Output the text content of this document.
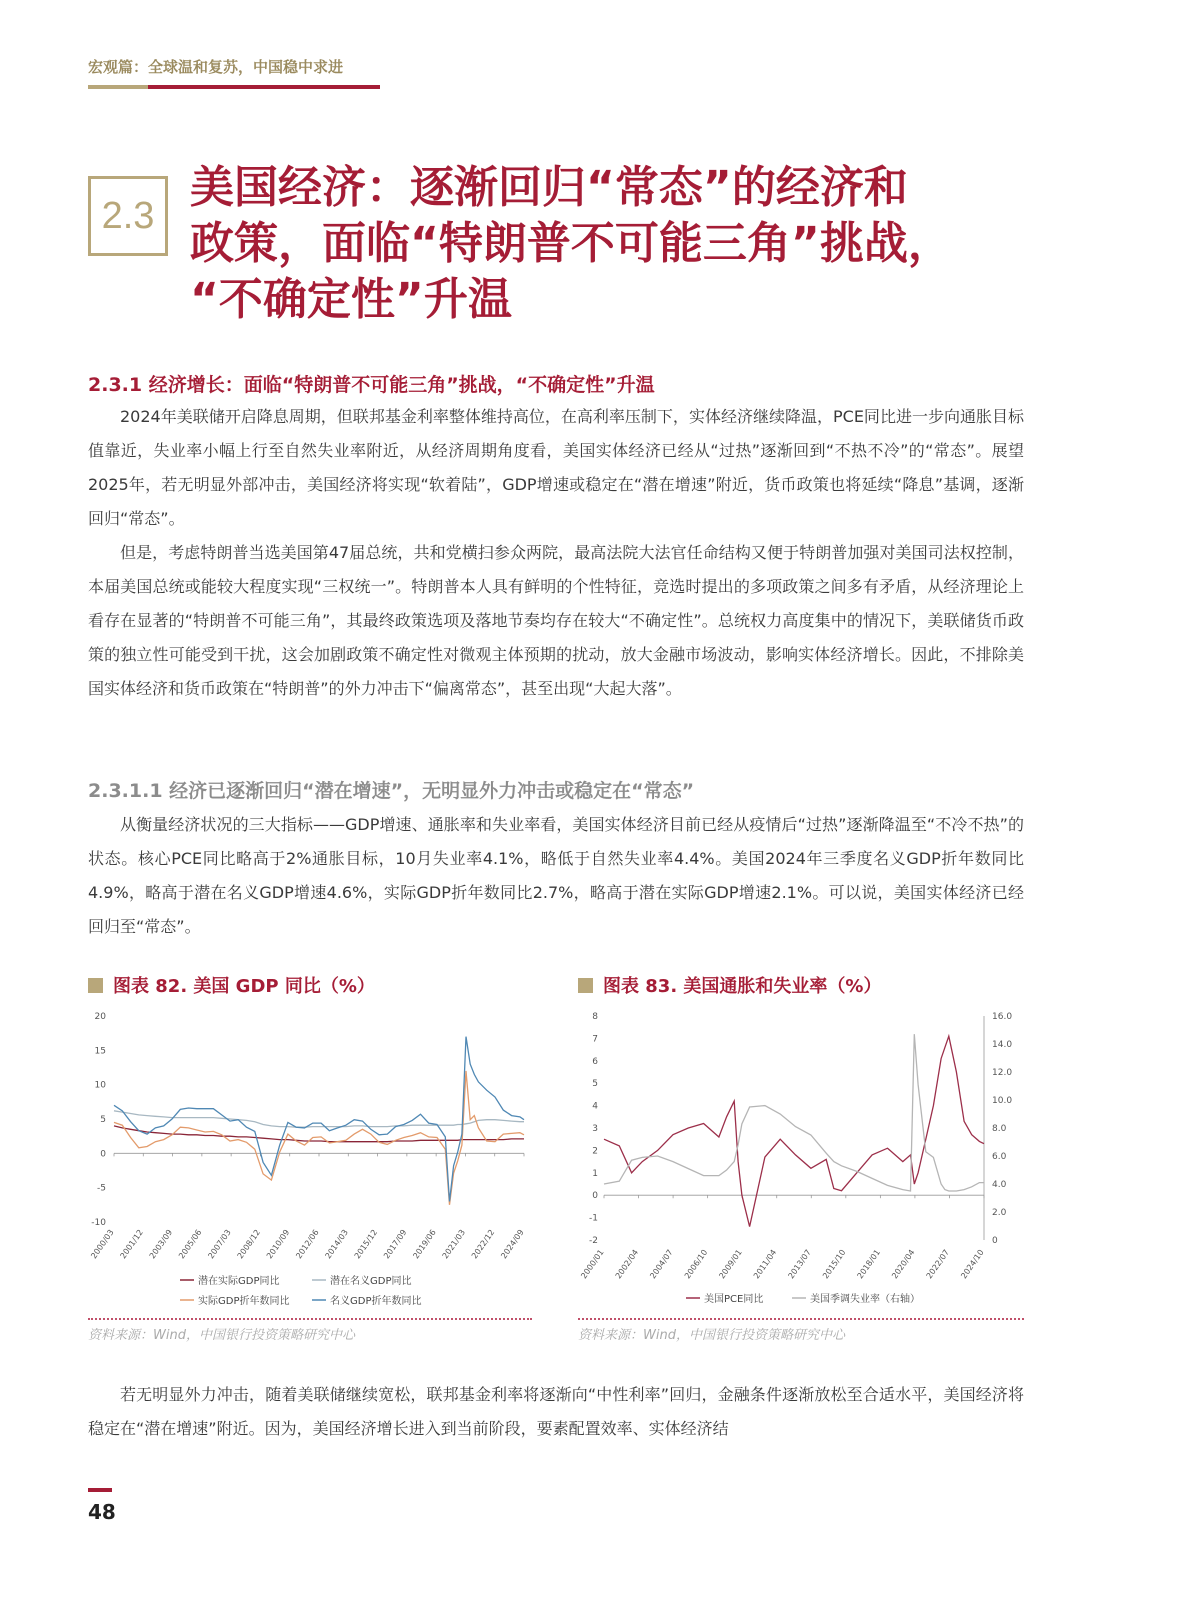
宏观篇：全球温和复苏，中国稳中求进
2.3
美国经济：逐渐回归“常态”的经济和
政策，面临“特朗普不可能三角”挑战，
“不确定性”升温
2.3.1 经济增长：面临“特朗普不可能三角”挑战，“不确定性”升温

2024年美联储开启降息周期，但联邦基金利率整体维持高位，在高利率压制下，实体经济继续降温，PCE同比进一步向通胀目标值靠近，失业率小幅上行至自然失业率附近，从经济周期角度看，美国实体经济已经从“过热”逐渐回到“不热不冷”的“常态”。展望2025年，若无明显外部冲击，美国经济将实现“软着陆”，GDP增速或稳定在“潜在增速”附近，货币政策也将延续“降息”基调，逐渐回归“常态”。

但是，考虑特朗普当选美国第47届总统，共和党横扫参众两院，最高法院大法官任命结构又便于特朗普加强对美国司法权控制，本届美国总统或能较大程度实现“三权统一”。特朗普本人具有鲜明的个性特征，竞选时提出的多项政策之间多有矛盾，从经济理论上看存在显著的“特朗普不可能三角”，其最终政策选项及落地节奏均存在较大“不确定性”。总统权力高度集中的情况下，美联储货币政策的独立性可能受到干扰，这会加剧政策不确定性对微观主体预期的扰动，放大金融市场波动，影响实体经济增长。因此，不排除美国实体经济和货币政策在“特朗普”的外力冲击下“偏离常态”，甚至出现“大起大落”。

2.3.1.1 经济已逐渐回归“潜在增速”，无明显外力冲击或稳定在“常态”

从衡量经济状况的三大指标——GDP增速、通胀率和失业率看，美国实体经济目前已经从疫情后“过热”逐渐降温至“不冷不热”的状态。核心PCE同比略高于2%通胀目标，10月失业率4.1%，略低于自然失业率4.4%。美国2024年三季度名义GDP折年数同比4.9%，略高于潜在名义GDP增速4.6%，实际GDP折年数同比2.7%，略高于潜在实际GDP增速2.1%。可以说，美国实体经济已经回归至“常态”。

图表 82. 美国 GDP 同比（%）
20
15
10
5
0
-5
-10
2000/03 2001/12 2003/09 2005/06 2007/03 2008/12 2010/09 2012/06 2014/03 2015/12 2017/09 2019/06 2021/03 2022/12 2024/09
潜在实际GDP同比	潜在名义GDP同比
实际GDP折年数同比	名义GDP折年数同比
资料来源：Wind，中国银行投资策略研究中心
图表 83. 美国通胀和失业率（%）
8
7
6
5
4
3
2
1
0
-1
-2
16.0
14.0
12.0
10.0
8.0
6.0
4.0
2.0
0
2000/01 2002/04 2004/07 2006/10 2009/01 2011/04 2013/07 2015/10 2018/01 2020/04 2022/07 2024/10
美国PCE同比	美国季调失业率（右轴）
资料来源：Wind，中国银行投资策略研究中心

若无明显外力冲击，随着美联储继续宽松，联邦基金利率将逐渐向“中性利率”回归，金融条件逐渐放松至合适水平，美国经济将稳定在“潜在增速”附近。因为，美国经济增长进入到当前阶段，要素配置效率、实体经济结

48
